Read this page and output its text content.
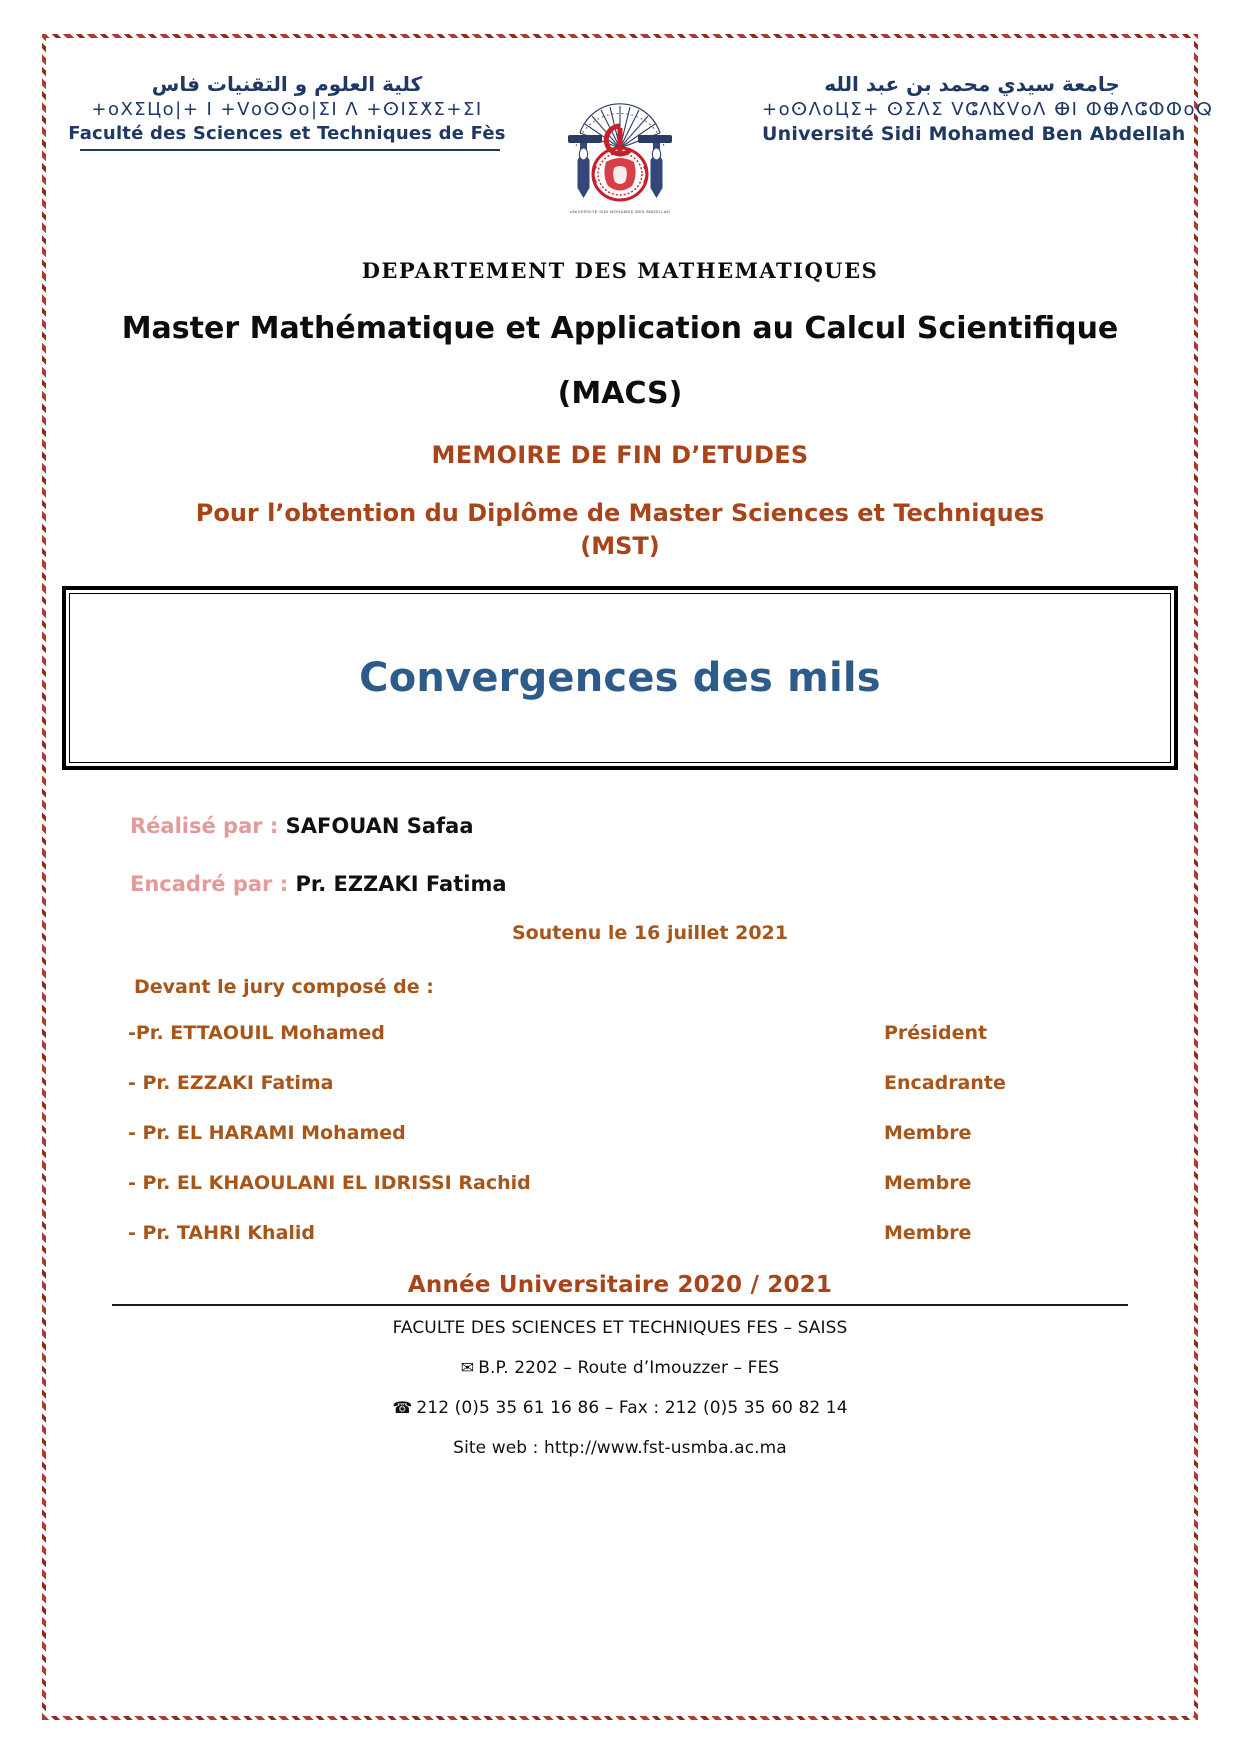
كلية العلوم و التقنيات فاس
+oⵝƩЦo|+ I +ⴸoⵙⵙo|ƩI ⴷ +ⵙIƩⵅƩ+ƩI
Faculté des Sciences et Techniques de Fès
UNIVERSITE SIDI MOHAMED BEN ABDELLAH
جامعة سيدي محمد بن عبد الله
+oⵙⴷoЦƩ+ ⵙƩⴷƩ ⴸⵛⴷⴿⴸoⴷ ⴲI ⵀⴲⴷⵛⵀⵀoⵕ
Université Sidi Mohamed Ben Abdellah
DEPARTEMENT DES MATHEMATIQUES
Master Mathématique et Application au Calcul Scientifique
(MACS)
MEMOIRE DE FIN D’ETUDES
Pour l’obtention du Diplôme de Master Sciences et Techniques
(MST)
Convergences des mils
Réalisé par : SAFOUAN Safaa
Encadré par : Pr. EZZAKI Fatima
Soutenu le 16 juillet 2021
Devant le jury composé de :
-Pr. ETTAOUIL Mohamed	Président
- Pr. EZZAKI Fatima	Encadrante
- Pr. EL HARAMI Mohamed	Membre
- Pr. EL KHAOULANI EL IDRISSI Rachid	Membre
- Pr. TAHRI Khalid	Membre
Année Universitaire 2020 / 2021
FACULTE DES SCIENCES ET TECHNIQUES FES – SAISS
✉ B.P. 2202 – Route d’Imouzzer – FES
☎ 212 (0)5 35 61 16 86 – Fax : 212 (0)5 35 60 82 14
Site web : http://www.fst-usmba.ac.ma
